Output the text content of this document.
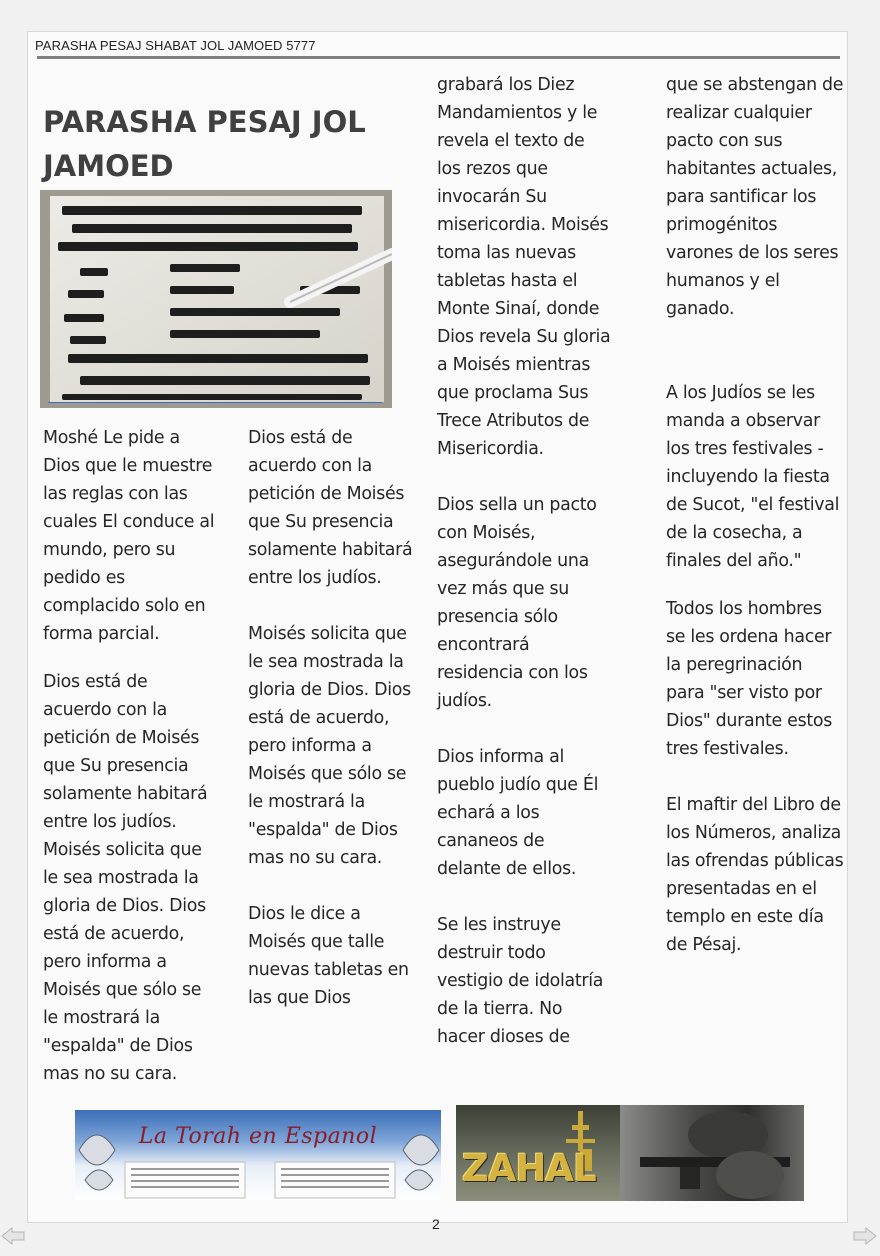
PARASHA PESAJ SHABAT JOL JAMOED 5777
PARASHA PESAJ JOL JAMOED

Moshé Le pide a Dios que le muestre las reglas con las cuales El conduce al mundo, pero su pedido es complacido solo en forma parcial.

Dios está de acuerdo con la petición de Moisés que Su presencia solamente habitará entre los judíos. Moisés solicita que le sea mostrada la gloria de Dios. Dios está de acuerdo, pero informa a Moisés que sólo se le mostrará la "espalda" de Dios mas no su cara.

Dios está de acuerdo con la petición de Moisés que Su presencia solamente habitará entre los judíos.

Moisés solicita que le sea mostrada la gloria de Dios. Dios está de acuerdo, pero informa a Moisés que sólo se le mostrará la "espalda" de Dios mas no su cara.

Dios le dice a Moisés que talle nuevas tabletas en las que Dios

grabará los Diez Mandamientos y le revela el texto de los rezos que invocarán Su misericordia. Moisés toma las nuevas tabletas hasta el Monte Sinaí, donde Dios revela Su gloria a Moisés mientras que proclama Sus Trece Atributos de Misericordia.

Dios sella un pacto con Moisés, asegurándole una vez más que su presencia sólo encontrará residencia con los judíos.

Dios informa al pueblo judío que Él echará a los cananeos de delante de ellos.

Se les instruye destruir todo vestigio de idolatría de la tierra. No hacer dioses de

que se abstengan de realizar cualquier pacto con sus habitantes actuales, para santificar los primogénitos varones de los seres humanos y el ganado.

A los Judíos se les manda a observar los tres festivales - incluyendo la fiesta de Sucot, "el festival de la cosecha, a finales del año."

Todos los hombres se les ordena hacer la peregrinación para "ser visto por Dios" durante estos tres festivales.

El maftir del Libro de los Números, analiza las ofrendas públicas presentadas en el templo en este día de Pésaj.

La Torah en Espanol
ZAHAL
2
